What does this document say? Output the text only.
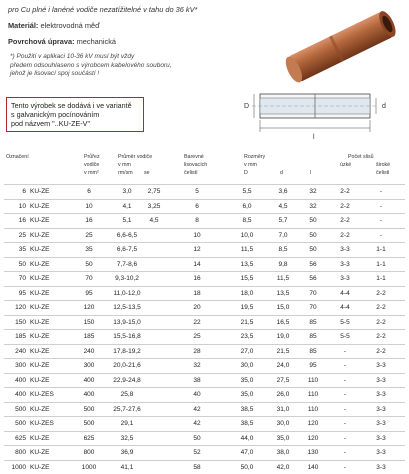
pro Cu plné i lanéné vodiče nezatížitelné v tahu do 36 kV*

Materiál: elektrovodná měď

Povrchová úprava: mechanická

*) Použití v aplikaci 10-36 kV musí být vždy
předem odsouhlaseno s výrobcem kabelového souboru,
jehož je lisovací spoj součástí !
Tento výrobek se dodává i ve variantě
s galvanickým pocínováním
pod názvem "..KU-ZE-V"
D	d
l
Označení	Průřez
vodiče
v mm²
Průměr vodiče
v mm
rm/sm se
Barevné
lisovacích
čelistí
Rozměry
v mm
D	d	l
Počet slisů
úzké	široké
čelisti
6 KU-ZE	6	3,0	2,75	5	5,5	3,6	32	2-2	-
10 KU-ZE	10	4,1	3,25	6	6,0	4,5	32	2-2	-
16 KU-ZE	16	5,1	4,5	8	8,5	5,7	50	2-2	-
25 KU-ZE	25	6,6-6,5	10	10,0	7,0	50	2-2	-
35 KU-ZE	35	6,6-7,5	12	11,5	8,5	50	3-3	1-1
50 KU-ZE	50	7,7-8,6	14	13,5	9,8	56	3-3	1-1
70 KU-ZE	70	9,3-10,2	16	15,5	11,5	56	3-3	1-1
95 KU-ZE	95	11,0-12,0	18	18,0	13,5	70	4-4	2-2
120 KU-ZE	120	12,5-13,5	20	19,5	15,0	70	4-4	2-2
150 KU-ZE	150	13,9-15,0	22	21,5	16,5	85	5-5	2-2
185 KU-ZE	185	15,5-16,8	25	23,5	19,0	85	5-5	2-2
240 KU-ZE	240	17,8-19,2	28	27,0	21,5	85	-	2-2
300 KU-ZE	300	20,0-21,6	32	30,0	24,0	95	-	3-3
400 KU-ZE	400	22,9-24,8	38	35,0	27,5	110	-	3-3
400 KU-ZES	400	25,8	40	35,0	26,0	110	-	3-3
500 KU-ZE	500	25,7-27,6	42	38,5	31,0	110	-	3-3
500 KU-ZES	500	29,1	42	38,5	30,0	120	-	3-3
625 KU-ZE	625	32,5	50	44,0	35,0	120	-	3-3
800 KU-ZE	800	36,9	52	47,0	38,0	130	-	3-3
1000 KU-ZE	1000	41,1	58	50,0	42,0	140	-	3-3
